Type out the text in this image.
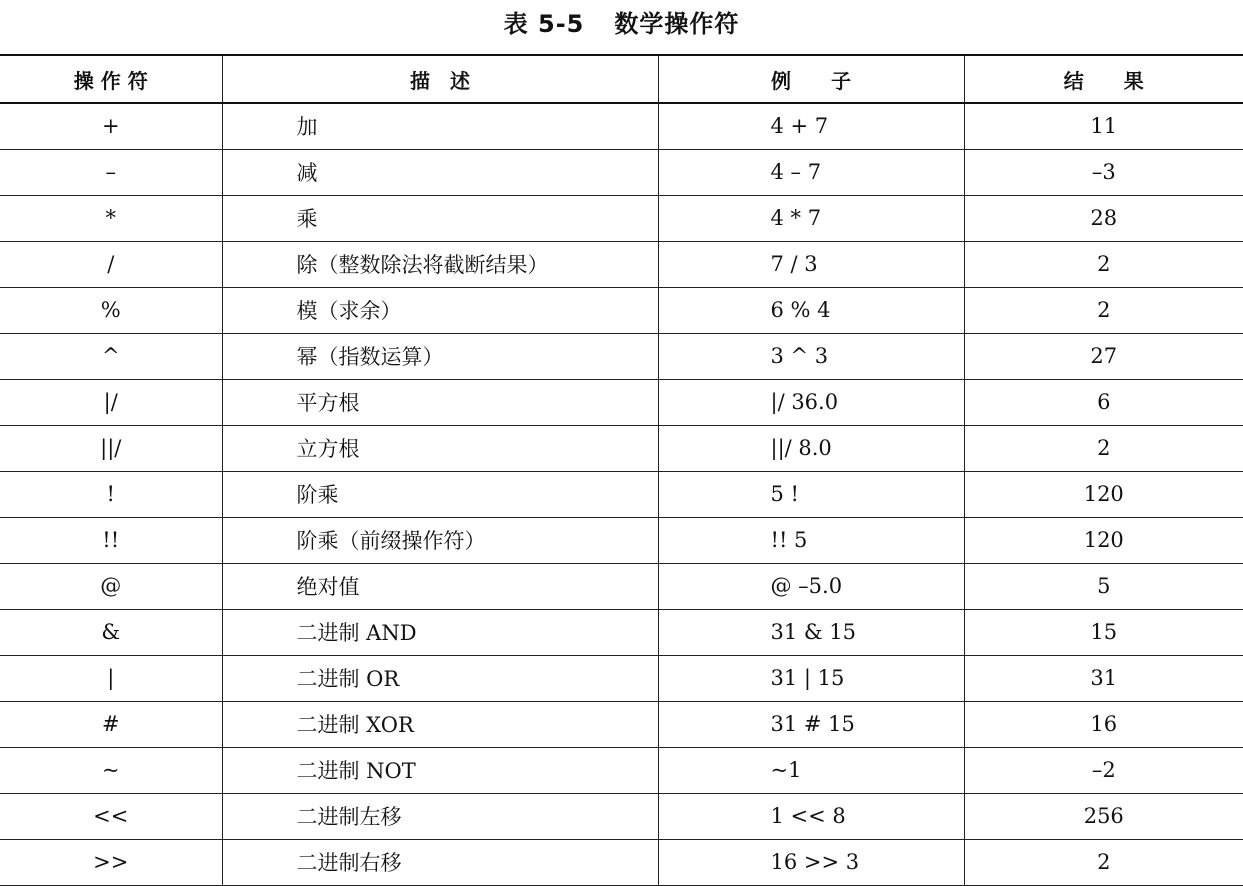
表 5-5 数学操作符
操 作 符	描　述	例　　子	结　　果
+	加	4 + 7	11
–	减	4 – 7	–3
*	乘	4 * 7	28
/	除（整数除法将截断结果）	7 / 3	2
%	模（求余）	6 % 4	2
^	幂（指数运算）	3 ^ 3	27
|/	平方根	|/ 36.0	6
||/	立方根	||/ 8.0	2
!	阶乘	5 !	120
!!	阶乘（前缀操作符）	!! 5	120
@	绝对值	@ –5.0	5
&	二进制 AND	31 & 15	15
|	二进制 OR	31 | 15	31
#	二进制 XOR	31 # 15	16
~	二进制 NOT	~1	–2
<<	二进制左移	1 << 8	256
>>	二进制右移	16 >> 3	2
